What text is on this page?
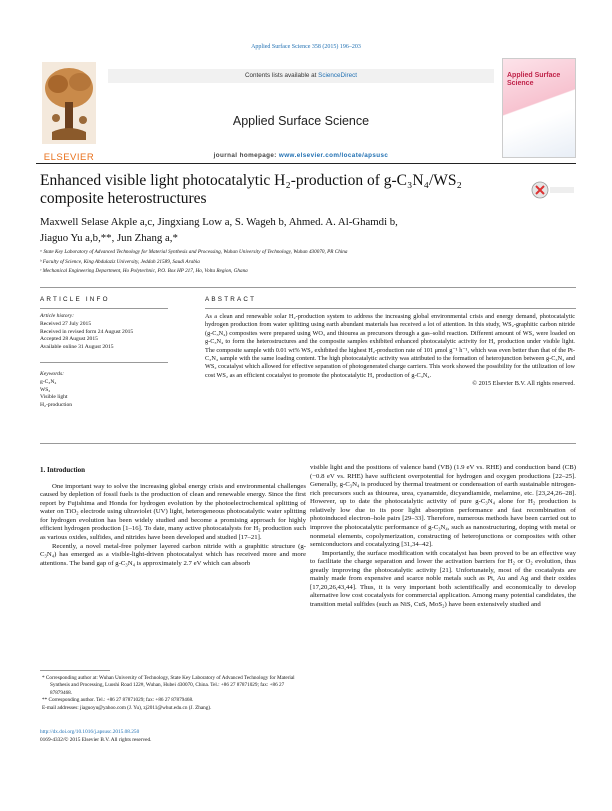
Applied Surface Science 358 (2015) 196–203
ELSEVIER
Contents lists available at ScienceDirect
Applied Surface Science
journal homepage: www.elsevier.com/locate/apsusc
Applied Surface Science
Enhanced visible light photocatalytic H₂-production of g-C₃N₄/WS₂
composite heterostructures
Maxwell Selase Akple a,c, Jingxiang Low a, S. Wageh b, Ahmed. A. Al-Ghamdi b,
Jiaguo Yu a,b,**, Jun Zhang a,*
ᵃ State Key Laboratory of Advanced Technology for Material Synthesis and Processing, Wuhan University of Technology, Wuhan 430070, PR China
ᵇ Faculty of Science, King Abdulaziz University, Jeddah 21589, Saudi Arabia
ᶜ Mechanical Engineering Department, Ho Polytechnic, P.O. Box HP 217, Ho, Volta Region, Ghana
ARTICLE INFO	ABSTRACT
Article history:
Received 27 July 2015
Received in revised form 24 August 2015
Accepted 28 August 2015
Available online 31 August 2015
Keywords:
g-C₃N₄
WS₂
Visible light
H₂-production
As a clean and renewable solar H₂-production system to address the increasing global environmental crisis and energy demand, photocatalytic hydrogen production from water splitting using earth abundant materials has received a lot of attention. In this study, WS₂-graphitic carbon nitride (g-C₃N₄) composites were prepared using WO₃ and thiourea as precursors through a gas–solid reaction. Different amount of WS₂ were loaded on g-C₃N₄ to form the heterostructures and the composite samples exhibited enhanced photocatalytic activity for H₂ production under visible light. The composite sample with 0.01 wt% WS₂ exhibited the highest H₂-production rate of 101 μmol g⁻¹ h⁻¹, which was even better than that of the Pt-C₃N₄ sample with the same loading content. The high photocatalytic activity was attributed to the formation of heterojunction between g-C₃N₄ and WS₂ cocatalyst which allowed for effective separation of photogenerated charge carriers. This work showed the possibility for the utilization of low cost WS₂ as an efficient cocatalyst to promote the photocatalytic H₂ production of g-C₃N₄.
© 2015 Elsevier B.V. All rights reserved.
1. Introduction

One important way to solve the increasing global energy crisis and environmental challenges caused by depletion of fossil fuels is the production of clean and renewable energy. Since the first report by Fujishima and Honda for hydrogen evolution by the photoelectrochemical splitting of water on TiO₂ electrode using ultraviolet (UV) light, heterogeneous photocatalytic water splitting for hydrogen evolution has been widely studied and become a promising approach for highly efficient hydrogen production [1–16]. To date, many active photocatalysts for H₂ production such as various oxides, sulfides, and nitrides have been developed and studied [17–21].

Recently, a novel metal-free polymer layered carbon nitride with a graphitic structure (g-C₃N₄) has emerged as a visible-light-driven photocatalyst which has received more and more attentions. The band gap of g-C₃N₄ is approximately 2.7 eV which can absorb

visible light and the positions of valence band (VB) (1.9 eV vs. RHE) and conduction band (CB) (−0.8 eV vs. RHE) have sufficient overpotential for hydrogen and oxygen productions [22–25]. Generally, g-C₃N₄ is produced by thermal treatment or condensation of earth sustainable nitrogen-rich precursors such as thiourea, urea, cyanamide, dicyandiamide, melamine, etc. [23,24,26–28]. However, up to date the photocatalytic activity of pure g-C₃N₄ alone for H₂ production is relatively low due to its poor light absorption performance and fast recombination of photoinduced electron–hole pairs [29–33]. Therefore, numerous methods have been carried out to improve the photocatalytic performance of g-C₃N₄, such as nanostructuring, doping with metal or nonmetal elements, copolymerization, constructing of heterojunctions or composites with other semiconductors and cocatalyzing [31,34–42].

Importantly, the surface modification with cocatalyst has been proved to be an effective way to facilitate the charge separation and lower the activation barriers for H₂ or O₂ evolution, thus greatly improving the photocatalytic activity [21]. Unfortunately, most of the cocatalysts are mainly made from expensive and scarce noble metals such as Pt, Au and Ag and their oxides [17,20,26,43,44]. Thus, it is very important both scientifically and economically to develop alternative low cost cocatalysts for commercial application. Among many potential candidates, the transition metal sulfides (such as NiS, CuS, MoS₂) have been extensively studied and

* Corresponding author at: Wuhan University of Technology, State Key Laboratory of Advanced Technology for Material Synthesis and Processing, Luoshi Road 122#, Wuhan, Hubei 430070, China. Tel.: +86 27 87871029; fax: +86 27 87879468.
** Corresponding author. Tel.: +86 27 87871029; fax: +86 27 87879468.
E-mail addresses: jiaguoyu@yahoo.com (J. Yu), zj2011@whut.edu.cn (J. Zhang).
http://dx.doi.org/10.1016/j.apsusc.2015.08.250
0169-4332/© 2015 Elsevier B.V. All rights reserved.
